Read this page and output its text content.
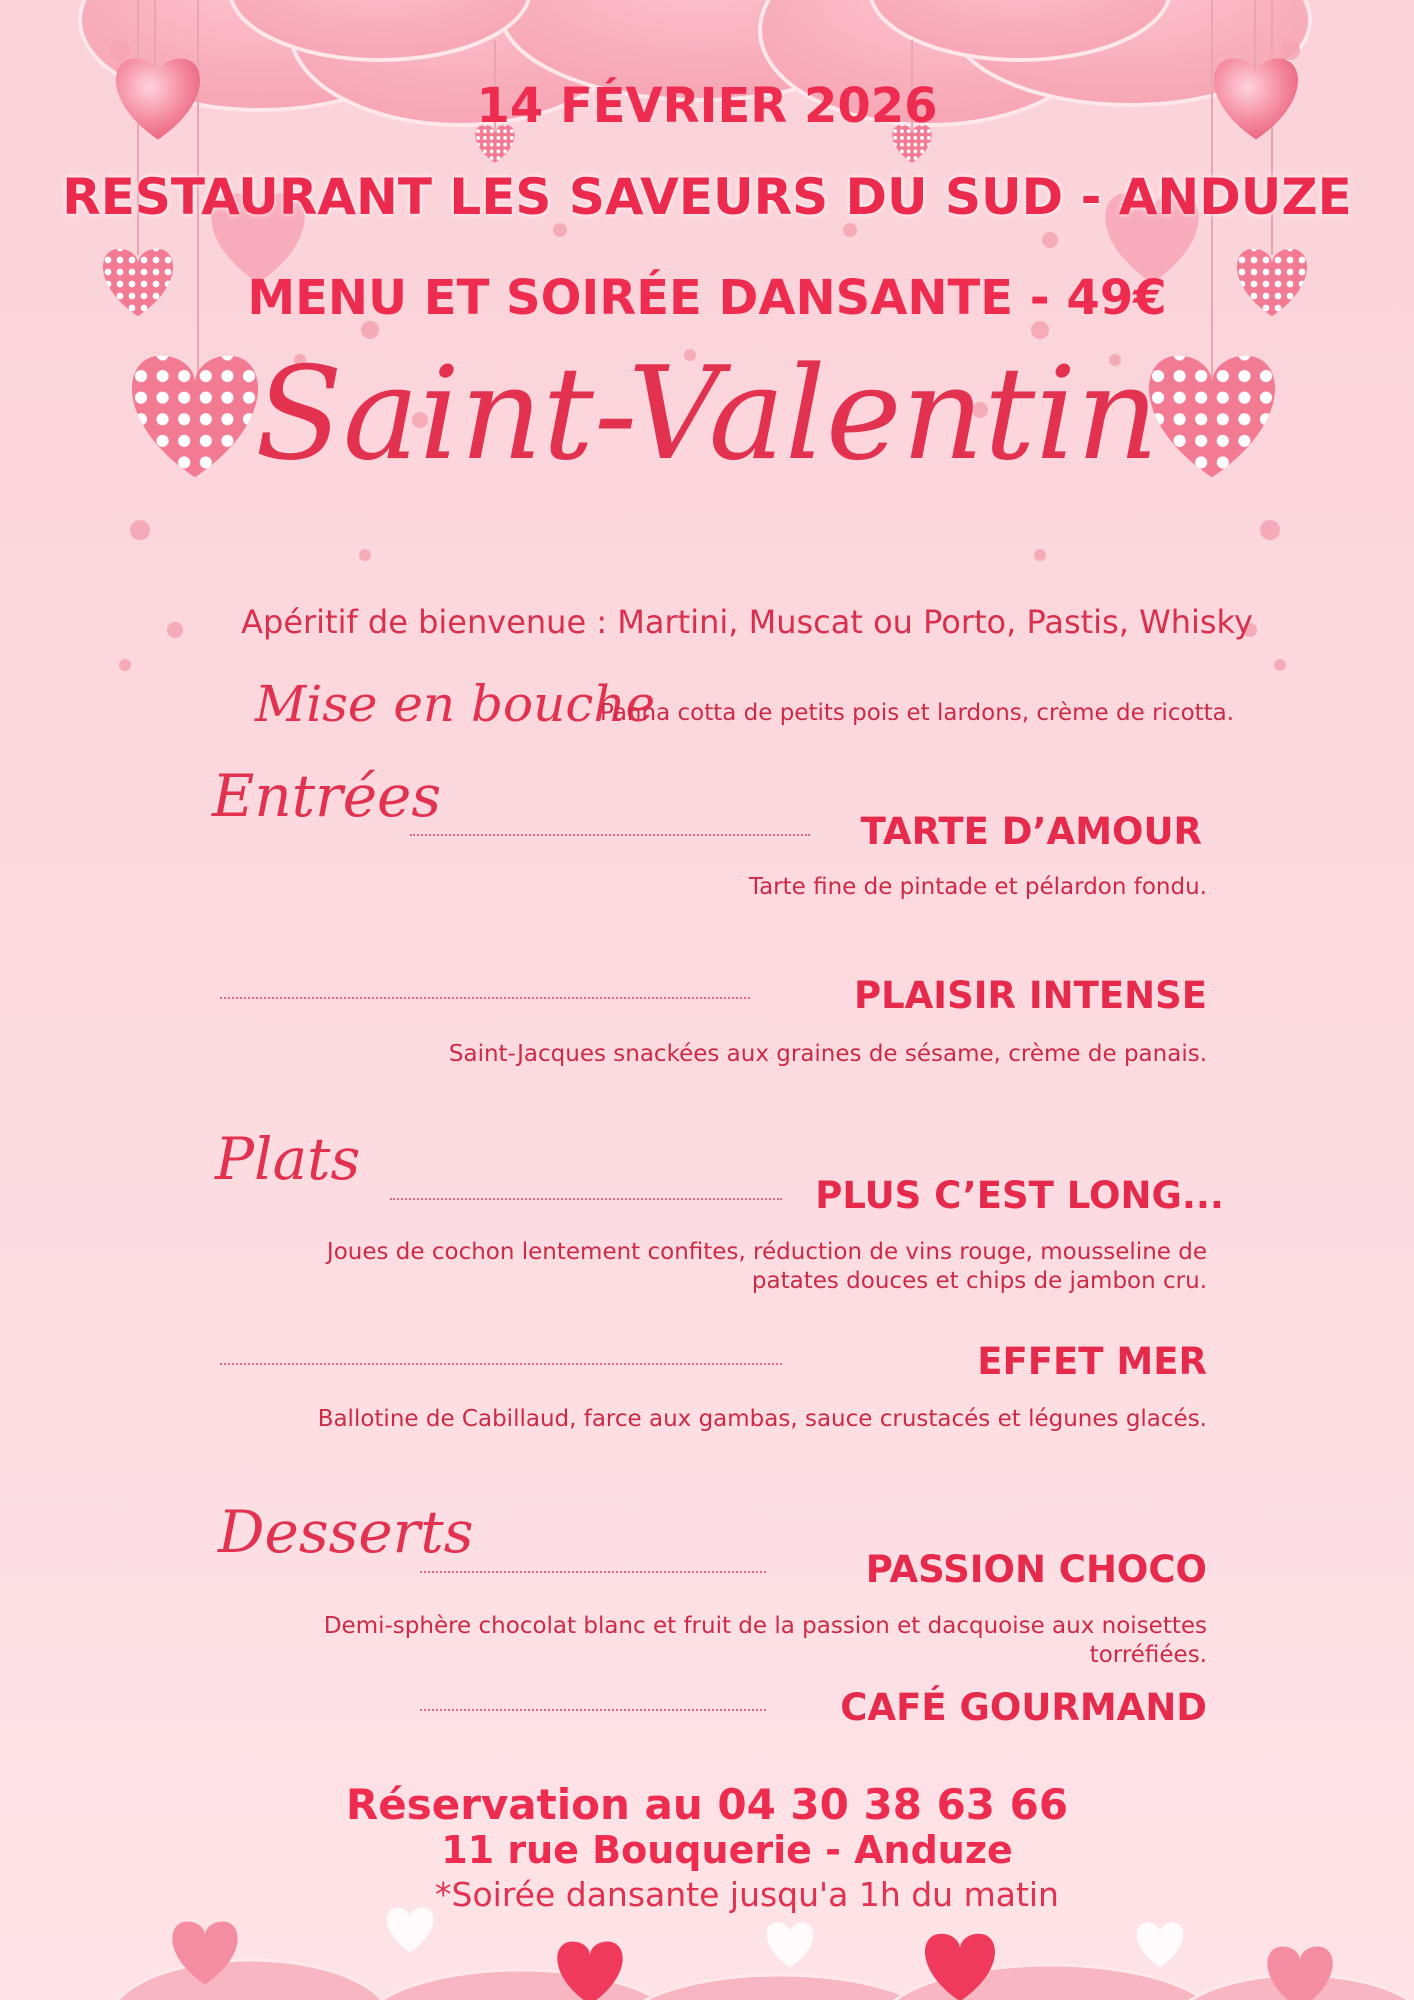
14 FÉVRIER 2026
RESTAURANT LES SAVEURS DU SUD - ANDUZE
MENU ET SOIRÉE DANSANTE - 49€
Saint-Valentin
Apéritif de bienvenue : Martini, Muscat ou Porto, Pastis, Whisky
Mise en bouche
Panna cotta de petits pois et lardons, crème de ricotta.
Entrées
TARTE D’AMOUR
Tarte fine de pintade et pélardon fondu.
PLAISIR INTENSE
Saint-Jacques snackées aux graines de sésame, crème de panais.
Plats
PLUS C’EST LONG...
Joues de cochon lentement confites, réduction de vins rouge, mousseline de
patates douces et chips de jambon cru.
EFFET MER
Ballotine de Cabillaud, farce aux gambas, sauce crustacés et légunes glacés.
Desserts
PASSION CHOCO
Demi-sphère chocolat blanc et fruit de la passion et dacquoise aux noisettes
torréfiées.
CAFÉ GOURMAND
Réservation au 04 30 38 63 66
11 rue Bouquerie - Anduze
*Soirée dansante jusqu'a 1h du matin
